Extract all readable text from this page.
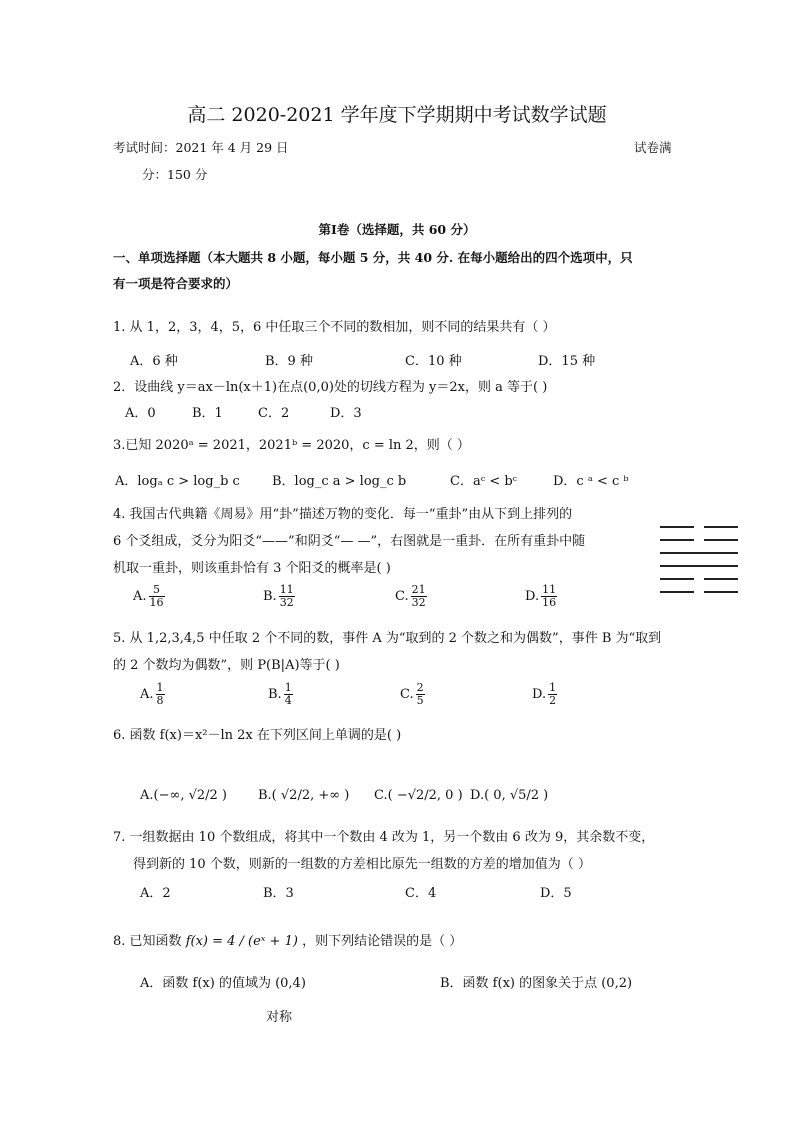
高二 2020-2021 学年度下学期期中考试数学试题
考试时间：2021 年 4 月 29 日	试卷满
分：150 分
第Ⅰ卷（选择题，共 60 分）
一、单项选择题（本大题共 8 小题，每小题 5 分，共 40 分. 在每小题给出的四个选项中，只
有一项是符合要求的）
1. 从 1，2，3，4，5，6 中任取三个不同的数相加，则不同的结果共有（ ）
A．6 种	B．9 种	C．10 种	D．15 种
2．设曲线 y＝ax－ln(x＋1)在点(0,0)处的切线方程为 y＝2x，则 a 等于( )
A．0	B．1	C．2	D．3
3.已知 2020ᵃ = 2021，2021ᵇ = 2020，c = ln 2，则（ ）
A．logₐ c > log_b c B．log_c a > log_c b	C．aᶜ < bᶜ	D．c ᵃ < c ᵇ
4. 我国古代典籍《周易》用“卦”描述万物的变化．每一“重卦”由从下到上排列的
6 个爻组成，爻分为阳爻“——”和阴爻“— —”，右图就是一重卦．在所有重卦中随
机取一重卦，则该重卦恰有 3 个阳爻的概率是( )
A. $\frac{5}{16}$	B. $\frac{11}{32}$	C. $\frac{21}{32}$	D. $\frac{11}{16}$
5. 从 1,2,3,4,5 中任取 2 个不同的数，事件 A 为“取到的 2 个数之和为偶数”，事件 B 为“取到
的 2 个数均为偶数”，则 P(B|A)等于( )
A. $\frac{1}{8}$	B. $\frac{1}{4}$	C. $\frac{2}{5}$	D. $\frac{1}{2}$
6. 函数 f(x)＝x²－ln 2x 在下列区间上单调的是( )
A.(−∞, √2/2 ) B.( √2/2, +∞ ) C.( −√2/2, 0 ) D.( 0, √5/2 )
7. 一组数据由 10 个数组成，将其中一个数由 4 改为 1，另一个数由 6 改为 9，其余数不变，
得到新的 10 个数，则新的一组数的方差相比原先一组数的方差的增加值为（ ）
A．2	B．3	C．4	D．5
8. 已知函数 f(x) = 4 / (eˣ + 1) ，则下列结论错误的是（ ）
A．函数 f(x) 的值域为 (0,4)	B．函数 f(x) 的图象关于点 (0,2)
对称
